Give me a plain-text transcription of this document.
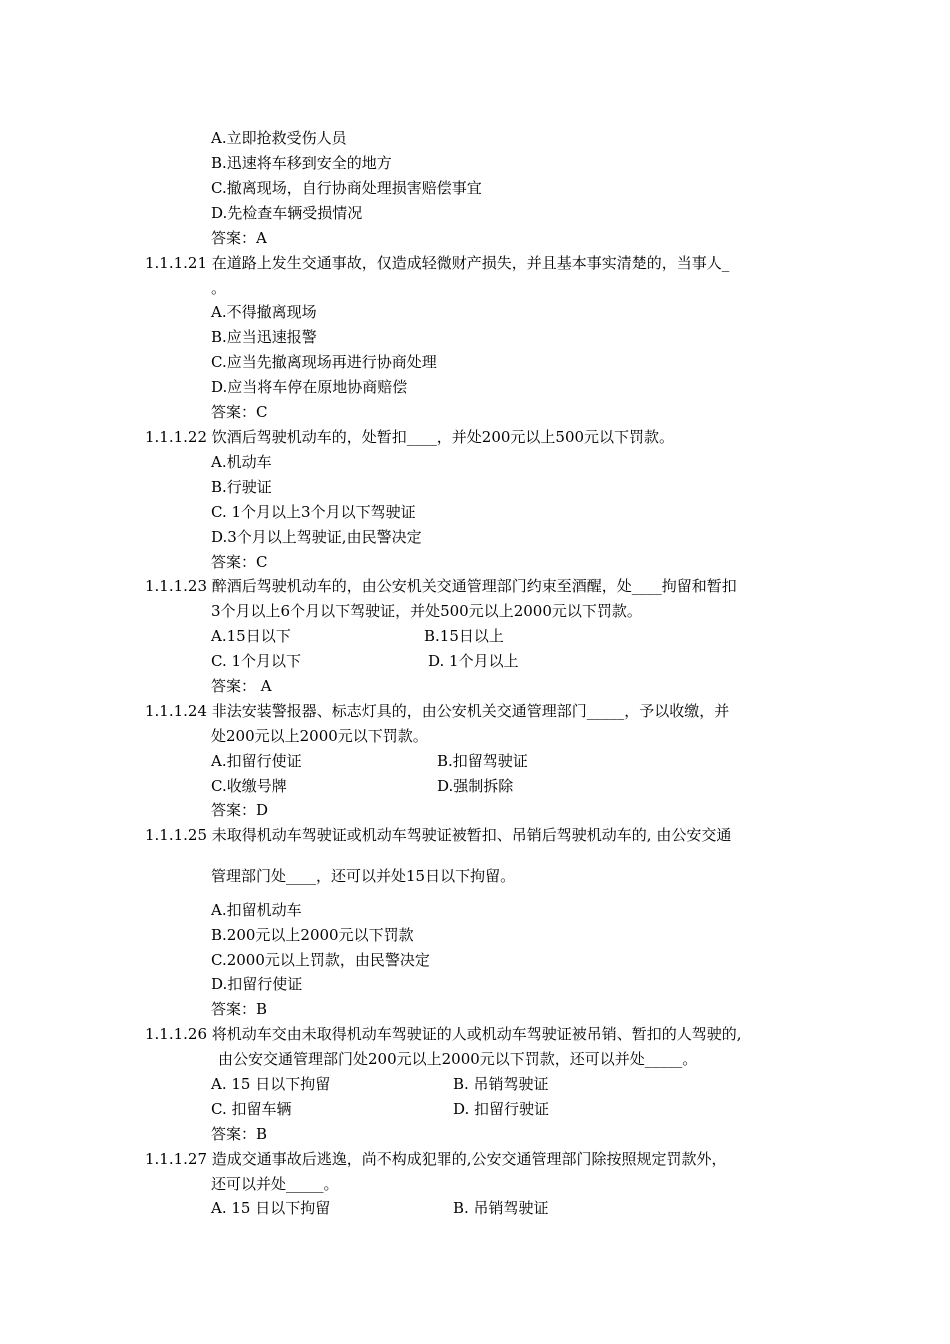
A.立即抢救受伤人员
B.迅速将车移到安全的地方
C.撤离现场，自行协商处理损害赔偿事宜
D.先检查车辆受损情况
答案：A
1.1.1.21 在道路上发生交通事故，仅造成轻微财产损失，并且基本事实清楚的，当事人_
。
A.不得撤离现场
B.应当迅速报警
C.应当先撤离现场再进行协商处理
D.应当将车停在原地协商赔偿
答案：C
1.1.1.22 饮酒后驾驶机动车的，处暂扣____，并处200元以上500元以下罚款。
A.机动车
B.行驶证
C. 1个月以上3个月以下驾驶证
D.3个月以上驾驶证,由民警决定
答案：C
1.1.1.23 醉酒后驾驶机动车的，由公安机关交通管理部门约束至酒醒，处____拘留和暂扣
3个月以上6个月以下驾驶证，并处500元以上2000元以下罚款。
A.15日以下	B.15日以上
C. 1个月以下	D. 1个月以上
答案： A
1.1.1.24 非法安装警报器、标志灯具的，由公安机关交通管理部门_____，予以收缴，并
处200元以上2000元以下罚款。
A.扣留行使证	B.扣留驾驶证
C.收缴号牌	D.强制拆除
答案：D
1.1.1.25 未取得机动车驾驶证或机动车驾驶证被暂扣、吊销后驾驶机动车的, 由公安交通
管理部门处____，还可以并处15日以下拘留。
A.扣留机动车
B.200元以上2000元以下罚款
C.2000元以上罚款，由民警决定
D.扣留行使证
答案：B
1.1.1.26 将机动车交由未取得机动车驾驶证的人或机动车驾驶证被吊销、暂扣的人驾驶的,
由公安交通管理部门处200元以上2000元以下罚款，还可以并处_____。
A. 15 日以下拘留	B. 吊销驾驶证
C. 扣留车辆	D. 扣留行驶证
答案：B
1.1.1.27 造成交通事故后逃逸，尚不构成犯罪的,公安交通管理部门除按照规定罚款外，
还可以并处_____。
A. 15 日以下拘留	B. 吊销驾驶证
